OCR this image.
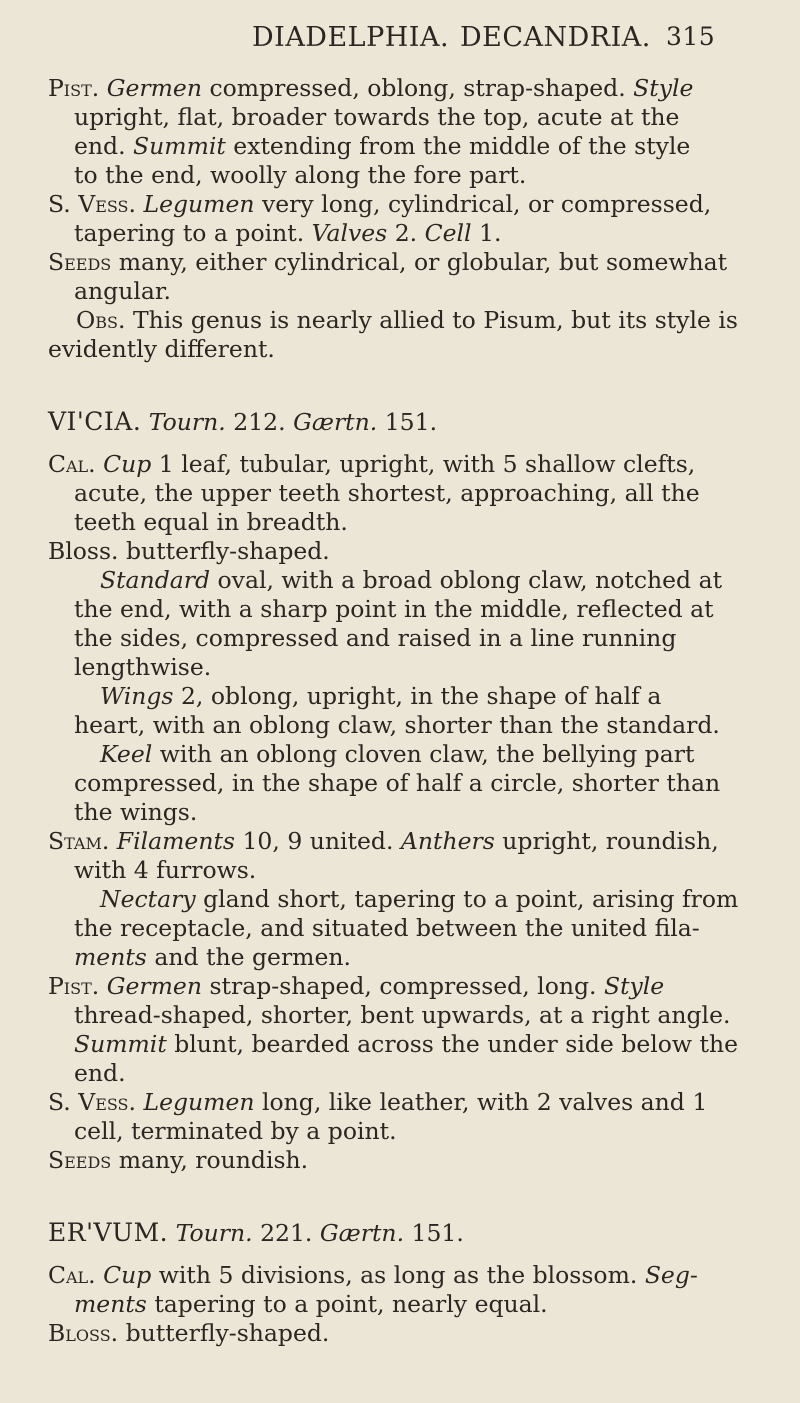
DIADELPHIA. DECANDRIA. 315
Pist. Germen compressed, oblong, strap-shaped. Style
upright, flat, broader towards the top, acute at the
end. Summit extending from the middle of the style
to the end, woolly along the fore part.
S. Vess. Legumen very long, cylindrical, or compressed,
tapering to a point. Valves 2. Cell 1.
Seeds many, either cylindrical, or globular, but somewhat
angular.
Obs. This genus is nearly allied to Pisum, but its style is
evidently different.
VI'CIA. Tourn. 212. Gærtn. 151.
Cal. Cup 1 leaf, tubular, upright, with 5 shallow clefts,
acute, the upper teeth shortest, approaching, all the
teeth equal in breadth.
Bloss. butterfly-shaped.
Standard oval, with a broad oblong claw, notched at
the end, with a sharp point in the middle, reflected at
the sides, compressed and raised in a line running
lengthwise.
Wings 2, oblong, upright, in the shape of half a
heart, with an oblong claw, shorter than the standard.
Keel with an oblong cloven claw, the bellying part
compressed, in the shape of half a circle, shorter than
the wings.
Stam. Filaments 10, 9 united. Anthers upright, roundish,
with 4 furrows.
Nectary gland short, tapering to a point, arising from
the receptacle, and situated between the united fila-
ments and the germen.
Pist. Germen strap-shaped, compressed, long. Style
thread-shaped, shorter, bent upwards, at a right angle.
Summit blunt, bearded across the under side below the
end.
S. Vess. Legumen long, like leather, with 2 valves and 1
cell, terminated by a point.
Seeds many, roundish.
ER'VUM. Tourn. 221. Gærtn. 151.
Cal. Cup with 5 divisions, as long as the blossom. Seg-
ments tapering to a point, nearly equal.
Bloss. butterfly-shaped.
